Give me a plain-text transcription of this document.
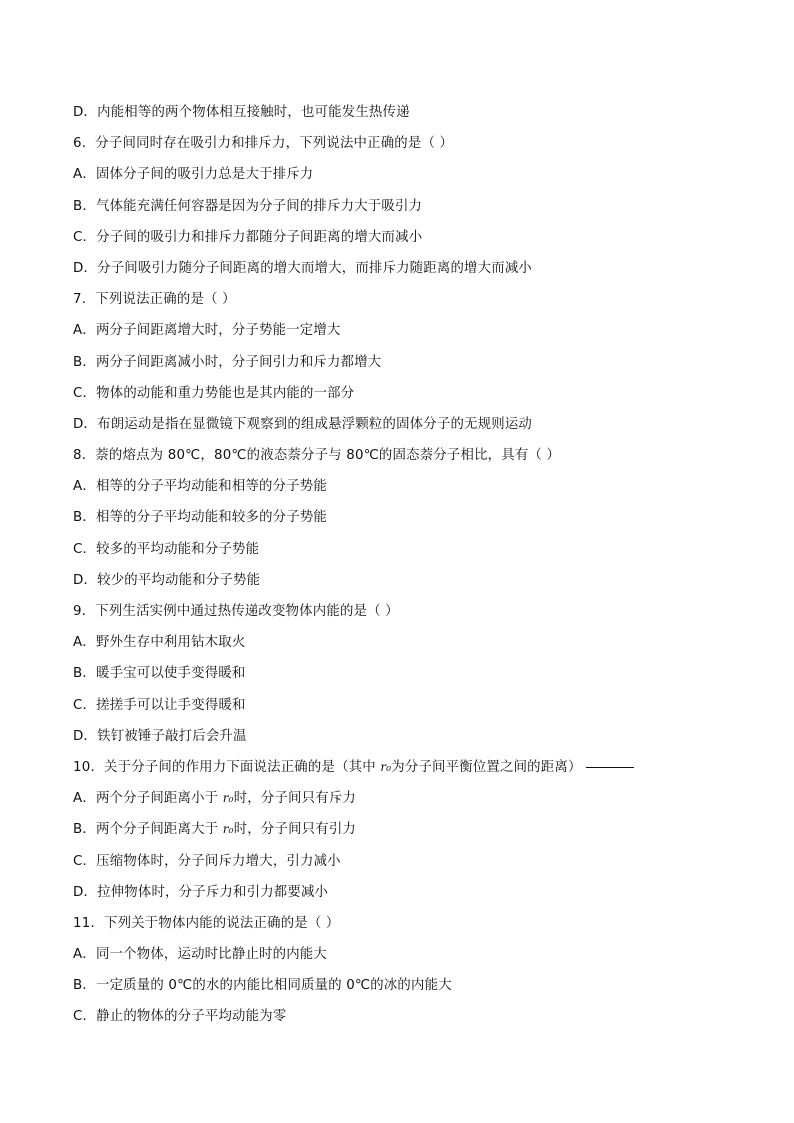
D．内能相等的两个物体相互接触时，也可能发生热传递
6．分子间同时存在吸引力和排斥力，下列说法中正确的是（ ）
A．固体分子间的吸引力总是大于排斥力
B．气体能充满任何容器是因为分子间的排斥力大于吸引力
C．分子间的吸引力和排斥力都随分子间距离的增大而减小
D．分子间吸引力随分子间距离的增大而增大，而排斥力随距离的增大而减小
7．下列说法正确的是（ ）
A．两分子间距离增大时，分子势能一定增大
B．两分子间距离减小时，分子间引力和斥力都增大
C．物体的动能和重力势能也是其内能的一部分
D．布朗运动是指在显微镜下观察到的组成悬浮颗粒的固体分子的无规则运动
8．萘的熔点为 80℃，80℃的液态萘分子与 80℃的固态萘分子相比，具有（ ）
A．相等的分子平均动能和相等的分子势能
B．相等的分子平均动能和较多的分子势能
C．较多的平均动能和分子势能
D．较少的平均动能和分子势能
9．下列生活实例中通过热传递改变物体内能的是（ ）
A．野外生存中利用钻木取火
B．暖手宝可以使手变得暖和
C．搓搓手可以让手变得暖和
D．铁钉被锤子敲打后会升温
10．关于分子间的作用力下面说法正确的是（其中 r₀为分子间平衡位置之间的距离）
A．两个分子间距离小于 r₀时，分子间只有斥力
B．两个分子间距离大于 r₀时，分子间只有引力
C．压缩物体时，分子间斥力增大，引力减小
D．拉伸物体时，分子斥力和引力都要减小
11．下列关于物体内能的说法正确的是（ ）
A．同一个物体，运动时比静止时的内能大
B．一定质量的 0℃的水的内能比相同质量的 0℃的冰的内能大
C．静止的物体的分子平均动能为零
